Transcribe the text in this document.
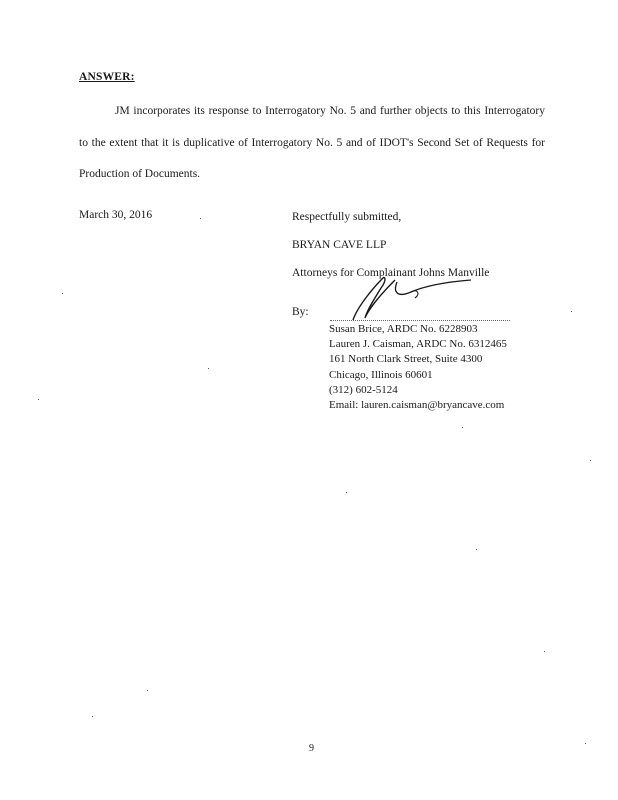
ANSWER:
JM incorporates its response to Interrogatory No. 5 and further objects to this Interrogatory to the extent that it is duplicative of Interrogatory No. 5 and of IDOT's Second Set of Requests for Production of Documents.
March 30, 2016	Respectfully submitted,
BRYAN CAVE LLP
Attorneys for Complainant Johns Manville
By:
Susan Brice, ARDC No. 6228903
Lauren J. Caisman, ARDC No. 6312465
161 North Clark Street, Suite 4300
Chicago, Illinois 60601
(312) 602-5124
Email: lauren.caisman@bryancave.com
9
